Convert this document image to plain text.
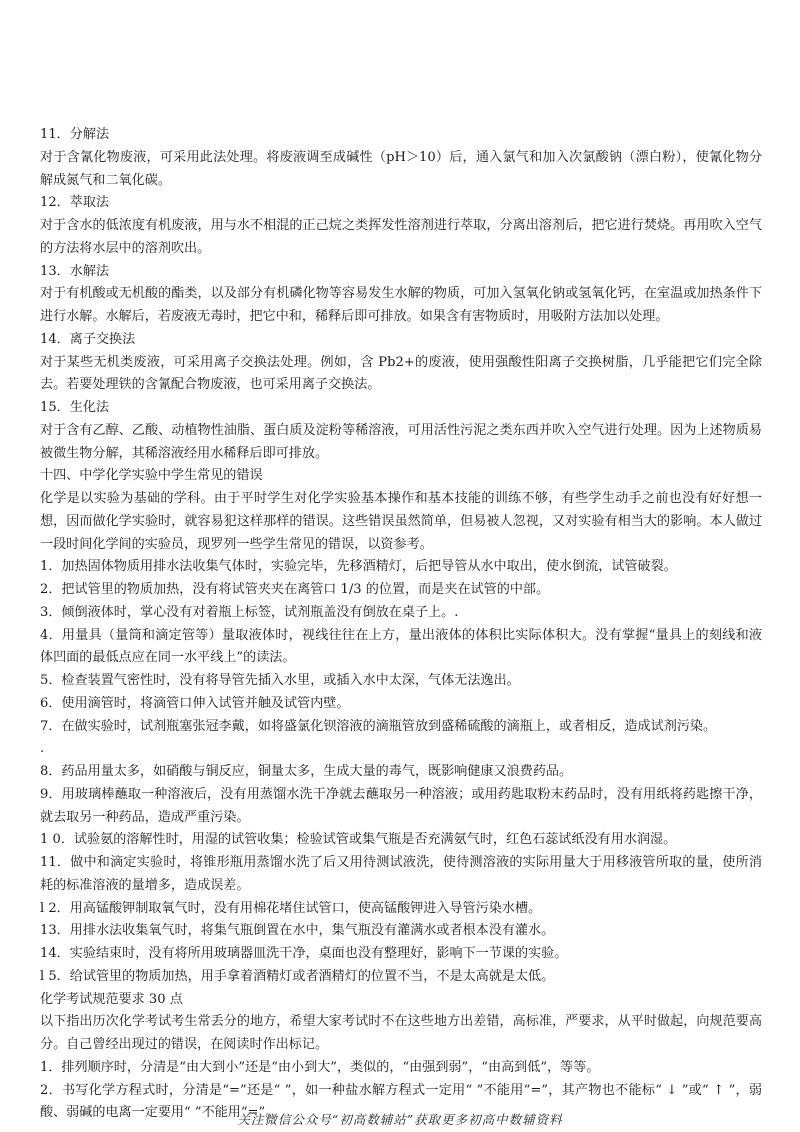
11．分解法

对于含氰化物废液，可采用此法处理。将废液调至成碱性（pH＞10）后，通入氯气和加入次氯酸钠（漂白粉），使氰化物分解成氮气和二氧化碳。

12．萃取法

对于含水的低浓度有机废液，用与水不相混的正己烷之类挥发性溶剂进行萃取，分离出溶剂后，把它进行焚烧。再用吹入空气的方法将水层中的溶剂吹出。

13．水解法

对于有机酸或无机酸的酯类，以及部分有机磷化物等容易发生水解的物质，可加入氢氧化钠或氢氧化钙，在室温或加热条件下进行水解。水解后，若废液无毒时，把它中和，稀释后即可排放。如果含有害物质时，用吸附方法加以处理。

14．离子交换法

对于某些无机类废液，可采用离子交换法处理。例如，含 Pb2+的废液，使用强酸性阳离子交换树脂，几乎能把它们完全除去。若要处理铁的含氰配合物废液，也可采用离子交换法。

15．生化法

对于含有乙醇、乙酸、动植物性油脂、蛋白质及淀粉等稀溶液，可用活性污泥之类东西并吹入空气进行处理。因为上述物质易被微生物分解，其稀溶液经用水稀释后即可排放。

十四、中学化学实验中学生常见的错误

化学是以实验为基础的学科。由于平时学生对化学实验基本操作和基本技能的训练不够，有些学生动手之前也没有好好想一想，因而做化学实验时，就容易犯这样那样的错误。这些错误虽然简单，但易被人忽视，又对实验有相当大的影响。本人做过一段时间化学间的实验员，现罗列一些学生常见的错误，以资参考。

1．加热固体物质用排水法收集气体时，实验完毕，先移酒精灯，后把导管从水中取出，使水倒流，试管破裂。

2．把试管里的物质加热，没有将试管夹夹在离管口 1/3 的位置，而是夹在试管的中部。

3．倾倒液体时，掌心没有对着瓶上标签，试剂瓶盖没有倒放在桌子上。.

4．用量具（量筒和滴定管等）量取液体时，视线往往在上方，量出液体的体积比实际体积大。没有掌握“量具上的刻线和液体凹面的最低点应在同一水平线上”的读法。

5．检查装置气密性时，没有将导管先插入水里，或插入水中太深，气体无法逸出。

6．使用滴管时，将滴管口伸入试管并触及试管内壁。

7．在做实验时，试剂瓶塞张冠李戴，如将盛氯化钡溶液的滴瓶管放到盛稀硫酸的滴瓶上，或者相反，造成试剂污染。

.

8．药品用量太多，如硝酸与铜反应，铜量太多，生成大量的毒气，既影响健康又浪费药品。

9．用玻璃棒蘸取一种溶液后，没有用蒸馏水洗干净就去蘸取另一种溶液；或用药匙取粉末药品时，没有用纸将药匙擦干净，就去取另一种药品，造成严重污染。

1 0．试验氨的溶解性时，用湿的试管收集；检验试管或集气瓶是否充满氨气时，红色石蕊试纸没有用水润湿。

11．做中和滴定实验时，将锥形瓶用蒸馏水洗了后又用待测试液洗，使待测溶液的实际用量大于用移液管所取的量，使所消耗的标准溶液的量增多，造成误差。

l 2．用高锰酸钾制取氧气时，没有用棉花堵住试管口，使高锰酸钾进入导管污染水槽。

13．用排水法收集氧气时，将集气瓶倒置在水中，集气瓶没有灌满水或者根本没有灌水。

14．实验结束时，没有将所用玻璃器皿洗干净，桌面也没有整理好，影响下一节课的实验。

l 5．给试管里的物质加热，用手拿着酒精灯或者酒精灯的位置不当，不是太高就是太低。

化学考试规范要求 30 点

以下指出历次化学考试考生常丢分的地方，希望大家考试时不在这些地方出差错，高标准，严要求，从平时做起，向规范要高分。自己曾经出现过的错误，在阅读时作出标记。

1．排列顺序时，分清是“由大到小”还是“由小到大”，类似的，“由强到弱”，“由高到低”，等等。

2．书写化学方程式时，分清是“=”还是“ ”，如一种盐水解方程式一定用“ ”不能用“=”，其产物也不能标“ ↓ ”或“ ↑ ”，弱酸、弱碱的电离一定要用“ ”不能用“=”。

关注微信公众号“初高数辅站”获取更多初高中数辅资料
